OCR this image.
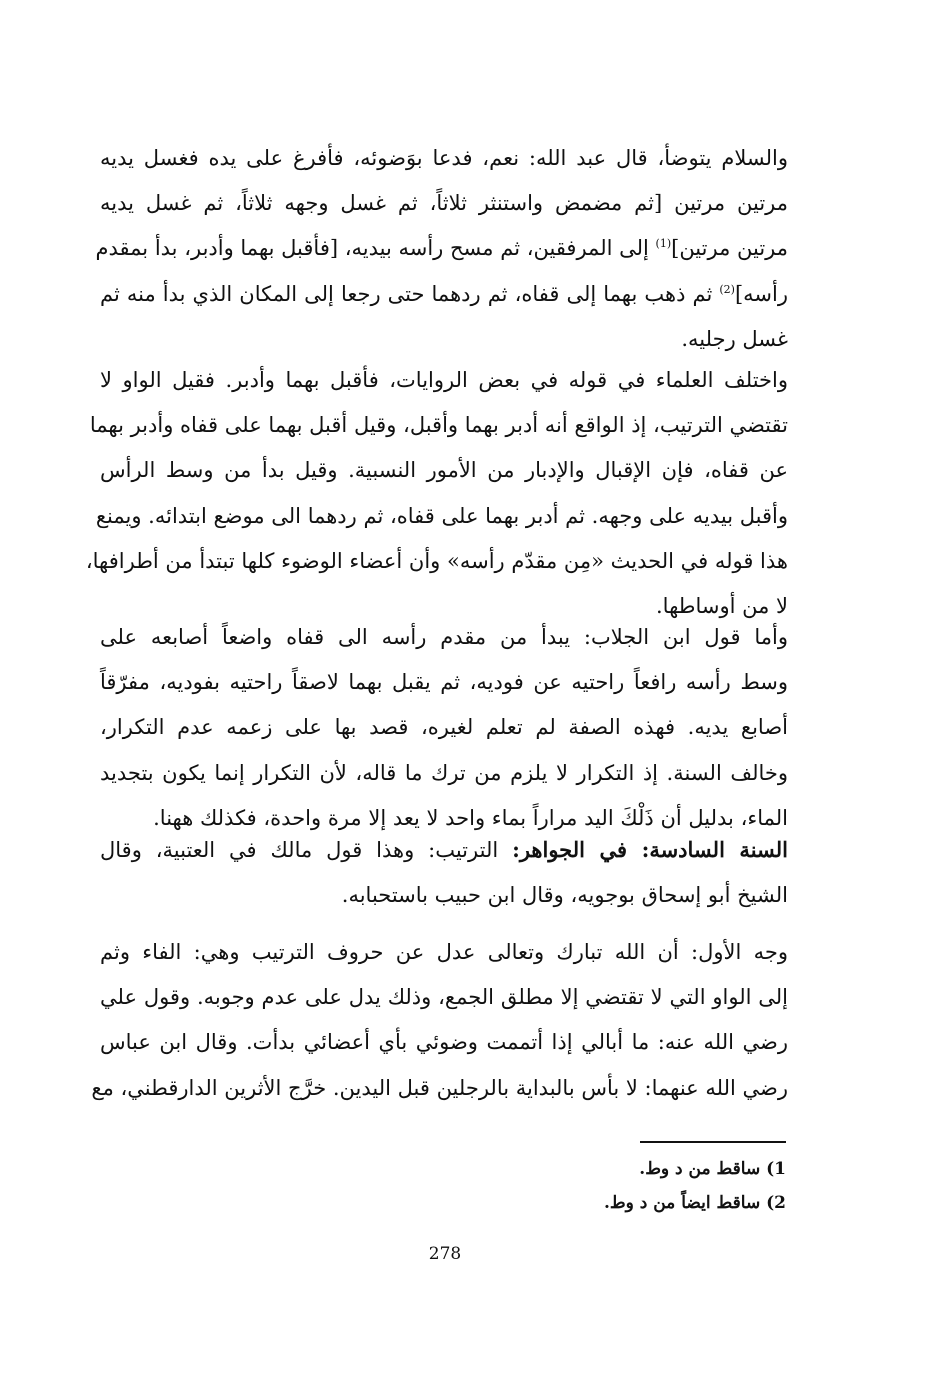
والسلام يتوضأ، قال عبد الله: نعم، فدعا بوَضوئه، فأفرغ على يده فغسل يديه
مرتين مرتين [ثم مضمض واستنثر ثلاثاً، ثم غسل وجهه ثلاثاً، ثم غسل يديه
مرتين مرتين]$^{(1)}$ إلى المرفقين، ثم مسح رأسه بيديه، [فأقبل بهما وأدبر، بدأ بمقدم
رأسه]$^{(2)}$ ثم ذهب بهما إلى قفاه، ثم ردهما حتى رجعا إلى المكان الذي بدأ منه ثم
غسل رجليه.

واختلف العلماء في قوله في بعض الروايات، فأقبل بهما وأدبر. فقيل الواو لا
تقتضي الترتيب، إذ الواقع أنه أدبر بهما وأقبل، وقيل أقبل بهما على قفاه وأدبر بهما
عن قفاه، فإن الإقبال والإدبار من الأمور النسبية. وقيل بدأ من وسط الرأس
وأقبل بيديه على وجهه. ثم أدبر بهما على قفاه، ثم ردهما الى موضع ابتدائه. ويمنع
هذا قوله في الحديث «مِن مقدّم رأسه» وأن أعضاء الوضوء كلها تبتدأ من أطرافها،
لا من أوساطها.

وأما قول ابن الجلاب: يبدأ من مقدم رأسه الى قفاه واضعاً أصابعه على
وسط رأسه رافعاً راحتيه عن فوديه، ثم يقبل بهما لاصقاً راحتيه بفوديه، مفرّقاً
أصابع يديه. فهذه الصفة لم تعلم لغيره، قصد بها على زعمه عدم التكرار،
وخالف السنة. إذ التكرار لا يلزم من ترك ما قاله، لأن التكرار إنما يكون بتجديد
الماء، بدليل أن ذَلْكَ اليد مراراً بماء واحد لا يعد إلا مرة واحدة، فكذلك ههنا.

السنة السادسة: في الجواهر: الترتيب: وهذا قول مالك في العتبية، وقال
الشيخ أبو إسحاق بوجويه، وقال ابن حبيب باستحبابه.

وجه الأول: أن الله تبارك وتعالى عدل عن حروف الترتيب وهي: الفاء وثم
إلى الواو التي لا تقتضي إلا مطلق الجمع، وذلك يدل على عدم وجوبه. وقول علي
رضي الله عنه: ما أبالي إذا أتممت وضوئي بأي أعضائي بدأت. وقال ابن عباس
رضي الله عنهما: لا بأس بالبداية بالرجلين قبل اليدين. خرَّج الأثرين الدارقطني، مع

1) ساقط من د وط.
2) ساقط ايضاً من د وط.
278
